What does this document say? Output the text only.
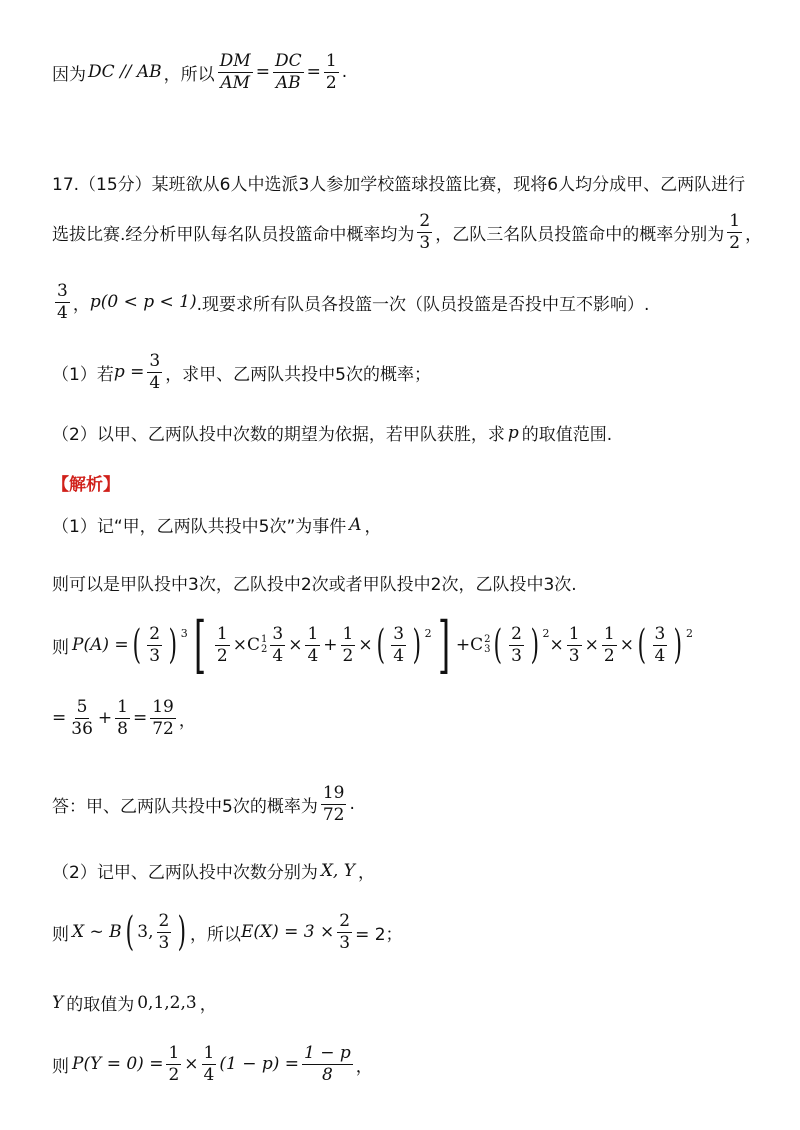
因为 DC // AB ，所以 $\frac{DM}{AM} = \frac{DC}{AB} = \frac{1}{2}$ .
17.（15分）某班欲从6人中选派3人参加学校篮球投篮比赛，现将6人均分成甲、乙两队进行
选拔比赛.经分析甲队每名队员投篮命中概率均为 $\frac{2}{3}$ ，乙队三名队员投篮命中的概率分别为 $\frac{1}{2}$ ，
$\frac{3}{4}$ ， p(0 < p < 1) .现要求所有队员各投篮一次（队员投篮是否投中互不影响）.
（1）若 $p = \frac{3}{4}$ ，求甲、乙两队共投中5次的概率；
（2）以甲、乙两队投中次数的期望为依据，若甲队获胜，求 p 的取值范围.
【解析】
（1）记“甲，乙两队共投中5次”为事件 A ，
则可以是甲队投中3次，乙队投中2次或者甲队投中2次，乙队投中3次.
则 P(A) = ( $\frac{2}{3}$ ) $^3$ [ $\frac{1}{2} \times C$ 1
$2 \frac{3}{4} \times \frac{1}{4} + \frac{1}{2}$ × ( $\frac{3}{4}$ ) $^2$ ] + C 2
3 ( $\frac{2}{3}$ ) $^2$
× $\frac{1}{3} \times \frac{1}{2}$ × ( $\frac{3}{4}$ ) $^2$
= $\frac{5}{36} + \frac{1}{8} = \frac{19}{72}$ ，
答：甲、乙两队共投中5次的概率为 $\frac{19}{72}$ .
（2）记甲、乙两队投中次数分别为 X, Y ，
则 X ~ B ( 3, $\frac{2}{3}$ ) ，所以 $E(X) = 3 \times \frac{2}{3} = 2$；
Y 的取值为 0,1,2,3 ，
则 $P(Y = 0) = \frac{1}{2} \times \frac{1}{4} (1 - p) = \frac{1 - p}{8}$ ，
